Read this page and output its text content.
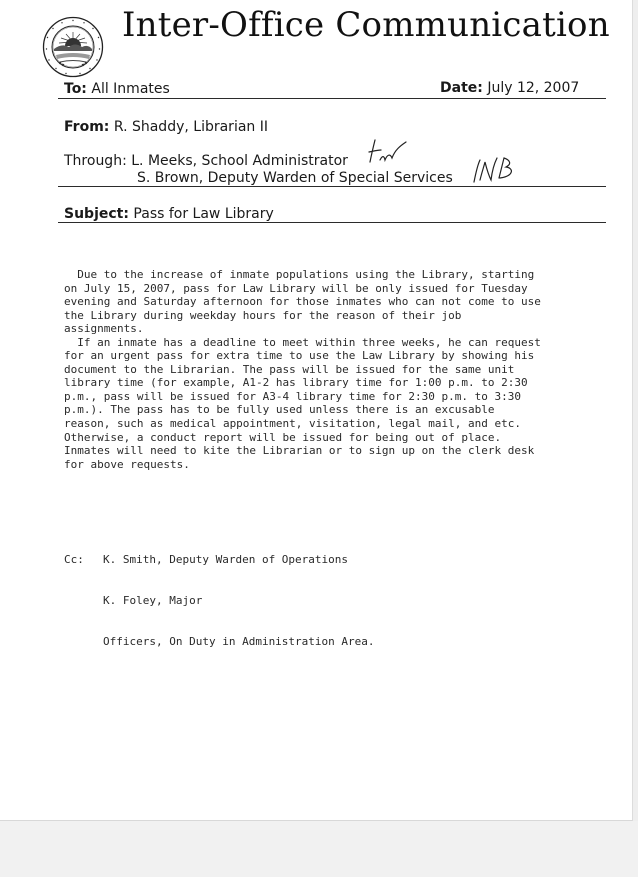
Inter-Office Communication
To: All Inmates	Date: July 12, 2007
From: R. Shaddy, Librarian II
Through: L. Meeks, School Administrator
S. Brown, Deputy Warden of Special Services
Subject: Pass for Law Library

Due to the increase of inmate populations using the Library, starting

on July 15, 2007, pass for Law Library will be only issued for Tuesday

evening and Saturday afternoon for those inmates who can not come to use

the Library during weekday hours for the reason of their job

assignments.

If an inmate has a deadline to meet within three weeks, he can request

for an urgent pass for extra time to use the Law Library by showing his

document to the Librarian. The pass will be issued for the same unit

library time (for example, A1-2 has library time for 1:00 p.m. to 2:30

p.m., pass will be issued for A3-4 library time for 2:30 p.m. to 3:30

p.m.). The pass has to be fully used unless there is an excusable

reason, such as medical appointment, visitation, legal mail, and etc.

Otherwise, a conduct report will be issued for being out of place.

Inmates will need to kite the Librarian or to sign up on the clerk desk

for above requests.

Cc:	K. Smith, Deputy Warden of Operations

K. Foley, Major

Officers, On Duty in Administration Area.
